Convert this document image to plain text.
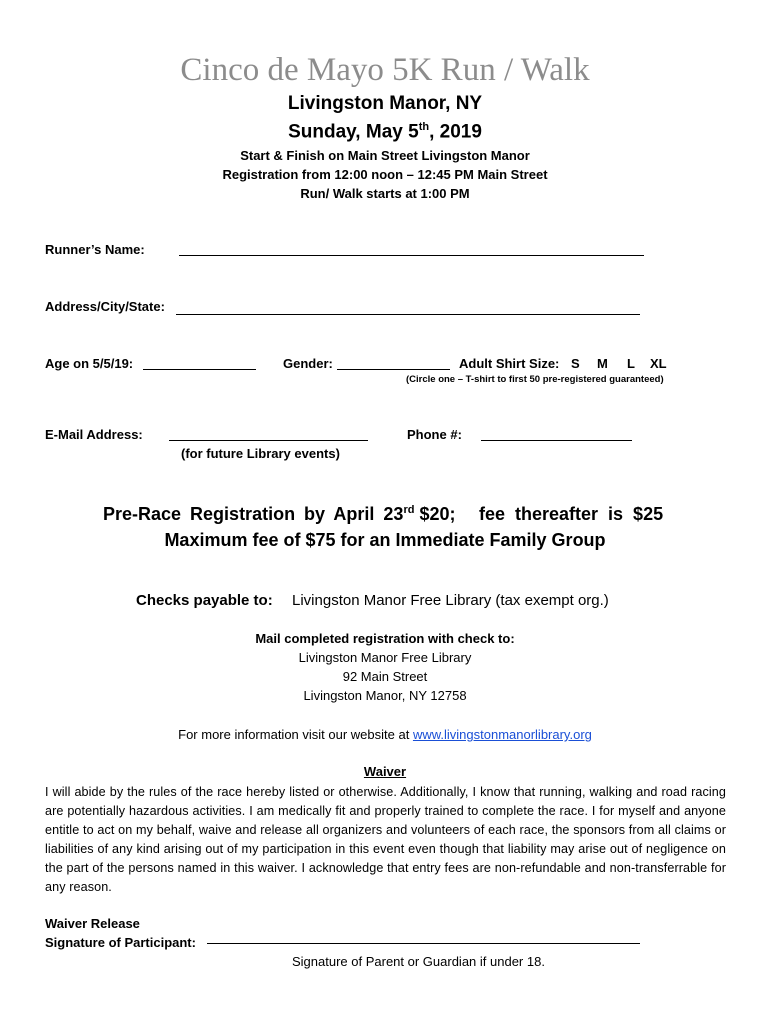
Cinco de Mayo 5K Run / Walk
Livingston Manor, NY
Sunday, May 5th, 2019
Start & Finish on Main Street Livingston Manor
Registration from 12:00 noon – 12:45 PM Main Street
Run/ Walk starts at 1:00 PM
Runner’s Name:
Address/City/State:
Age on 5/5/19:	Gender:	Adult Shirt Size: S M L XL
(Circle one – T-shirt to first 50 pre-registered guaranteed)
E-Mail Address:
(for future Library events)
Phone #:
Pre-Race Registration by April 23rd $20; fee thereafter is $25
Maximum fee of $75 for an Immediate Family Group
Checks payable to: Livingston Manor Free Library (tax exempt org.)
Mail completed registration with check to:
Livingston Manor Free Library
92 Main Street
Livingston Manor, NY 12758
For more information visit our website at www.livingstonmanorlibrary.org
Waiver
I will abide by the rules of the race hereby listed or otherwise. Additionally, I know that running, walking and road racing are potentially hazardous activities. I am medically fit and properly trained to complete the race. I for myself and anyone entitle to act on my behalf, waive and release all organizers and volunteers of each race, the sponsors from all claims or liabilities of any kind arising out of my participation in this event even though that liability may arise out of negligence on the part of the persons named in this waiver. I acknowledge that entry fees are non-refundable and non-transferrable for any reason.
Waiver Release
Signature of Participant:
Signature of Parent or Guardian if under 18.
